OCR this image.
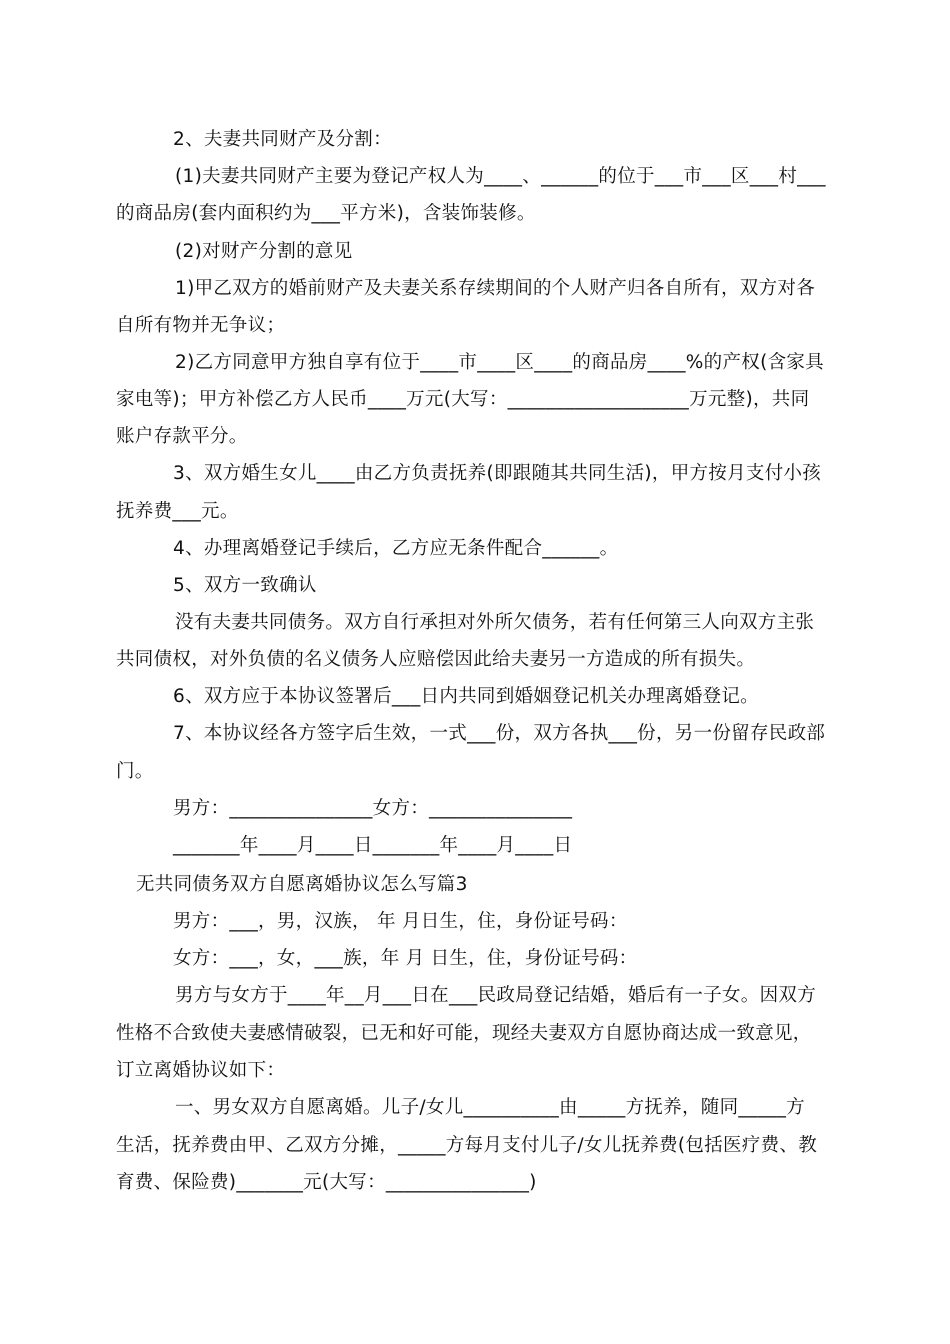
2、夫妻共同财产及分割：

(1)夫妻共同财产主要为登记产权人为____、______的位于___市___区___村___

的商品房(套内面积约为___平方米)，含装饰装修。

(2)对财产分割的意见

1)甲乙双方的婚前财产及夫妻关系存续期间的个人财产归各自所有，双方对各

自所有物并无争议；

2)乙方同意甲方独自享有位于____市____区____的商品房____%的产权(含家具

家电等)；甲方补偿乙方人民币____万元(大写：___________________万元整)，共同

账户存款平分。

3、双方婚生女儿____由乙方负责抚养(即跟随其共同生活)，甲方按月支付小孩

抚养费___元。

4、办理离婚登记手续后，乙方应无条件配合______。

5、双方一致确认

没有夫妻共同债务。双方自行承担对外所欠债务，若有任何第三人向双方主张

共同债权，对外负债的名义债务人应赔偿因此给夫妻另一方造成的所有损失。

6、双方应于本协议签署后___日内共同到婚姻登记机关办理离婚登记。

7、本协议经各方签字后生效，一式___份，双方各执___份，另一份留存民政部

门。

男方：_______________女方：_______________

_______年____月____日_______年____月____日

无共同债务双方自愿离婚协议怎么写篇3

男方：___，男，汉族， 年 月日生，住，身份证号码：

女方：___，女，___族，年 月 日生，住，身份证号码：

男方与女方于____年__月___日在___民政局登记结婚，婚后有一子女。因双方

性格不合致使夫妻感情破裂，已无和好可能，现经夫妻双方自愿协商达成一致意见，

订立离婚协议如下：

一、男女双方自愿离婚。儿子/女儿__________由_____方抚养，随同_____方

生活，抚养费由甲、乙双方分摊，_____方每月支付儿子/女儿抚养费(包括医疗费、教

育费、保险费)_______元(大写：_______________)
